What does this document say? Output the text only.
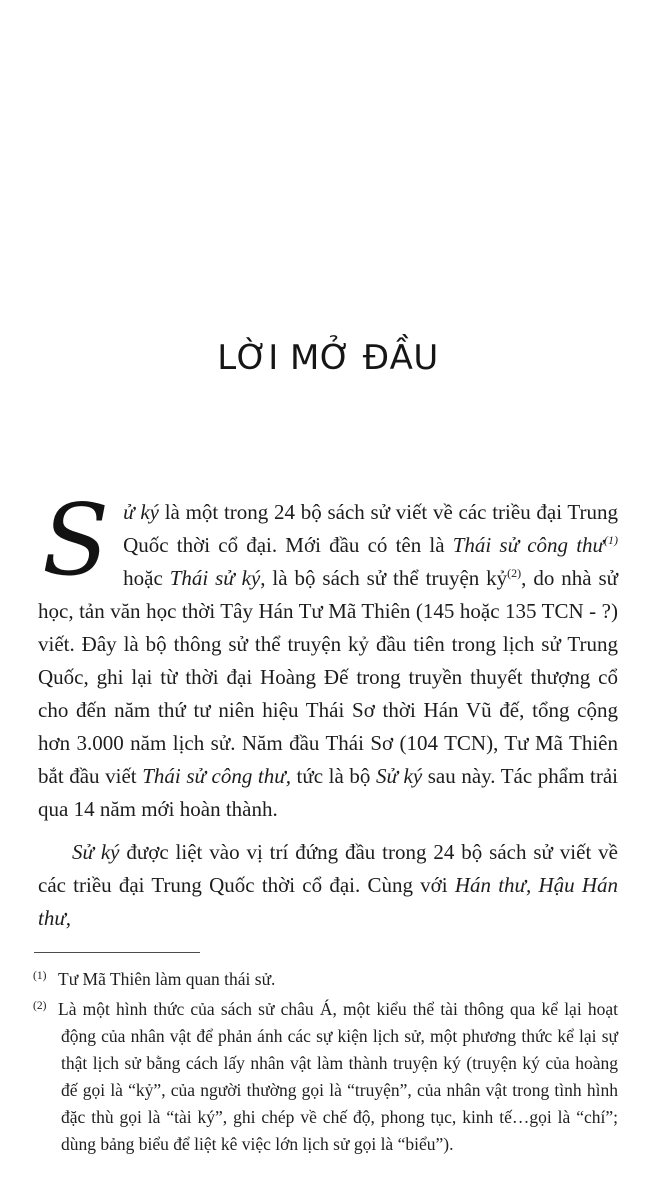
LỜI MỞ ĐẦU

Sử ký là một trong 24 bộ sách sử viết về các triều đại Trung Quốc thời cổ đại. Mới đầu có tên là Thái sử công thư$^{(1)}$ hoặc Thái sử ký, là bộ sách sử thể truyện kỷ$^{(2)}$, do nhà sử học, tản văn học thời Tây Hán Tư Mã Thiên (145 hoặc 135 TCN - ?) viết. Đây là bộ thông sử thể truyện kỷ đầu tiên trong lịch sử Trung Quốc, ghi lại từ thời đại Hoàng Đế trong truyền thuyết thượng cổ cho đến năm thứ tư niên hiệu Thái Sơ thời Hán Vũ đế, tổng cộng hơn 3.000 năm lịch sử. Năm đầu Thái Sơ (104 TCN), Tư Mã Thiên bắt đầu viết Thái sử công thư, tức là bộ Sử ký sau này. Tác phẩm trải qua 14 năm mới hoàn thành.

Sử ký được liệt vào vị trí đứng đầu trong 24 bộ sách sử viết về các triều đại Trung Quốc thời cổ đại. Cùng với Hán thư, Hậu Hán thư,

(1) Tư Mã Thiên làm quan thái sử.

(2) Là một hình thức của sách sử châu Á, một kiểu thể tài thông qua kể lại hoạt động của nhân vật để phản ánh các sự kiện lịch sử, một phương thức kể lại sự thật lịch sử bằng cách lấy nhân vật làm thành truyện ký (truyện ký của hoàng đế gọi là “kỷ”, của người thường gọi là “truyện”, của nhân vật trong tình hình đặc thù gọi là “tài ký”, ghi chép về chế độ, phong tục, kinh tế…gọi là “chí”; dùng bảng biểu để liệt kê việc lớn lịch sử gọi là “biểu”).
